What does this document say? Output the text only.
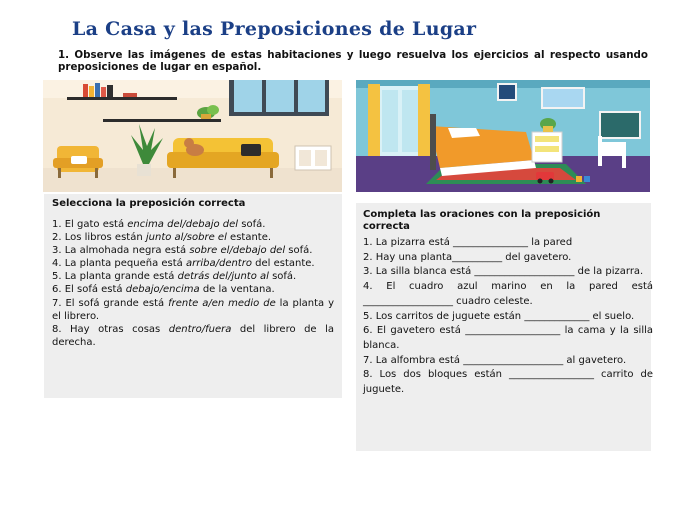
La Casa y las Preposiciones de Lugar
1. Observe las imágenes de estas habitaciones y luego resuelva los ejercicios al respecto usando preposiciones de lugar en español.
Selecciona la preposición correcta
1. El gato está encima del/debajo del sofá.
2. Los libros están junto al/sobre el estante.
3. La almohada negra está sobre el/debajo del sofá.
4. La planta pequeña está arriba/dentro del estante.
5. La planta grande está detrás del/junto al sofá.
6. El sofá está debajo/encima de la ventana.
7. El sofá grande está frente a/en medio de la planta y el librero.
8. Hay otras cosas dentro/fuera del librero de la derecha.
Completa las oraciones con la preposición correcta
1. La pizarra está _______________ la pared
2. Hay una planta__________ del gavetero.
3. La silla blanca está ____________________ de la pizarra.
4. El cuadro azul marino en la pared está __________________ cuadro celeste.
5. Los carritos de juguete están _____________ el suelo.
6. El gavetero está ___________________ la cama y la silla blanca.
7. La alfombra está ____________________ al gavetero.
8. Los dos bloques están _________________ carrito de juguete.
